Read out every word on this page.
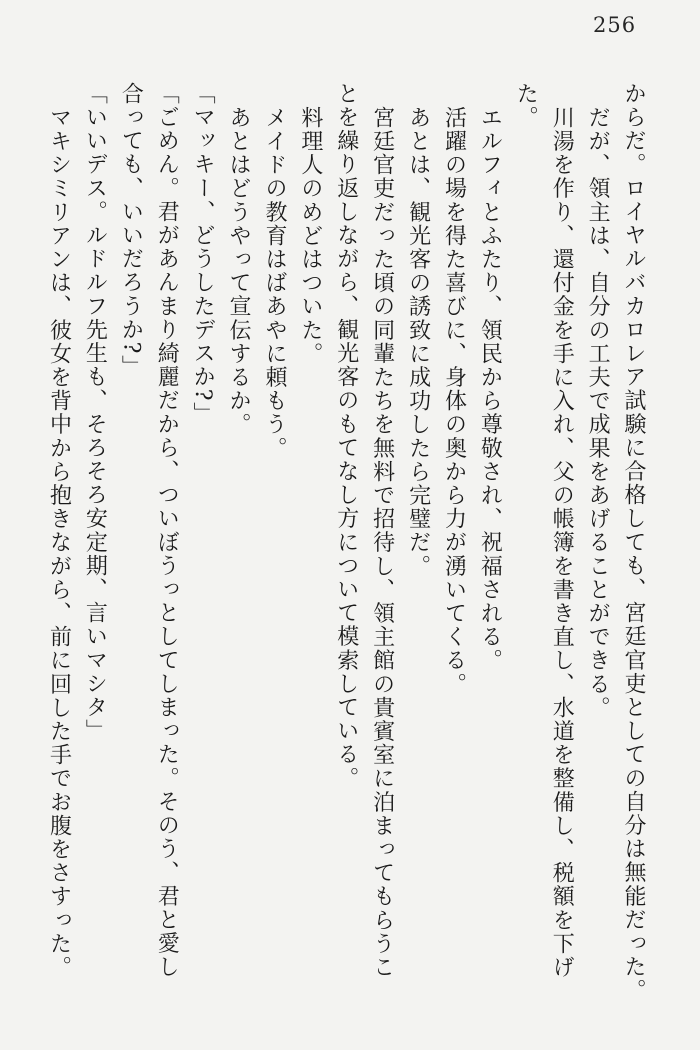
256

からだ。ロイヤルバカロレア試験に合格しても、宮廷官吏としての自分は無能だった。

だが、領主は、自分の工夫で成果をあげることができる。

川湯を作り、還付金を手に入れ、父の帳簿を書き直し、水道を整備し、税額を下げ

た。

エルフィとふたり、領民から尊敬され、祝福される。

活躍の場を得た喜びに、身体の奥から力が湧いてくる。

あとは、観光客の誘致に成功したら完璧だ。

宮廷官吏だった頃の同輩たちを無料で招待し、領主館の貴賓室に泊まってもらうこ

とを繰り返しながら、観光客のもてなし方について模索している。

料理人のめどはついた。

メイドの教育はばあやに頼もう。

あとはどうやって宣伝するか。

「マッキー、どうしたデスか?」

「ごめん。君があんまり綺麗だから、ついぼうっとしてしまった。そのう、君と愛し

合っても、いいだろうか?」

「いいデス。ルドルフ先生も、そろそろ安定期、言いマシタ」

マキシミリアンは、彼女を背中から抱きながら、前に回した手でお腹をさすった。
